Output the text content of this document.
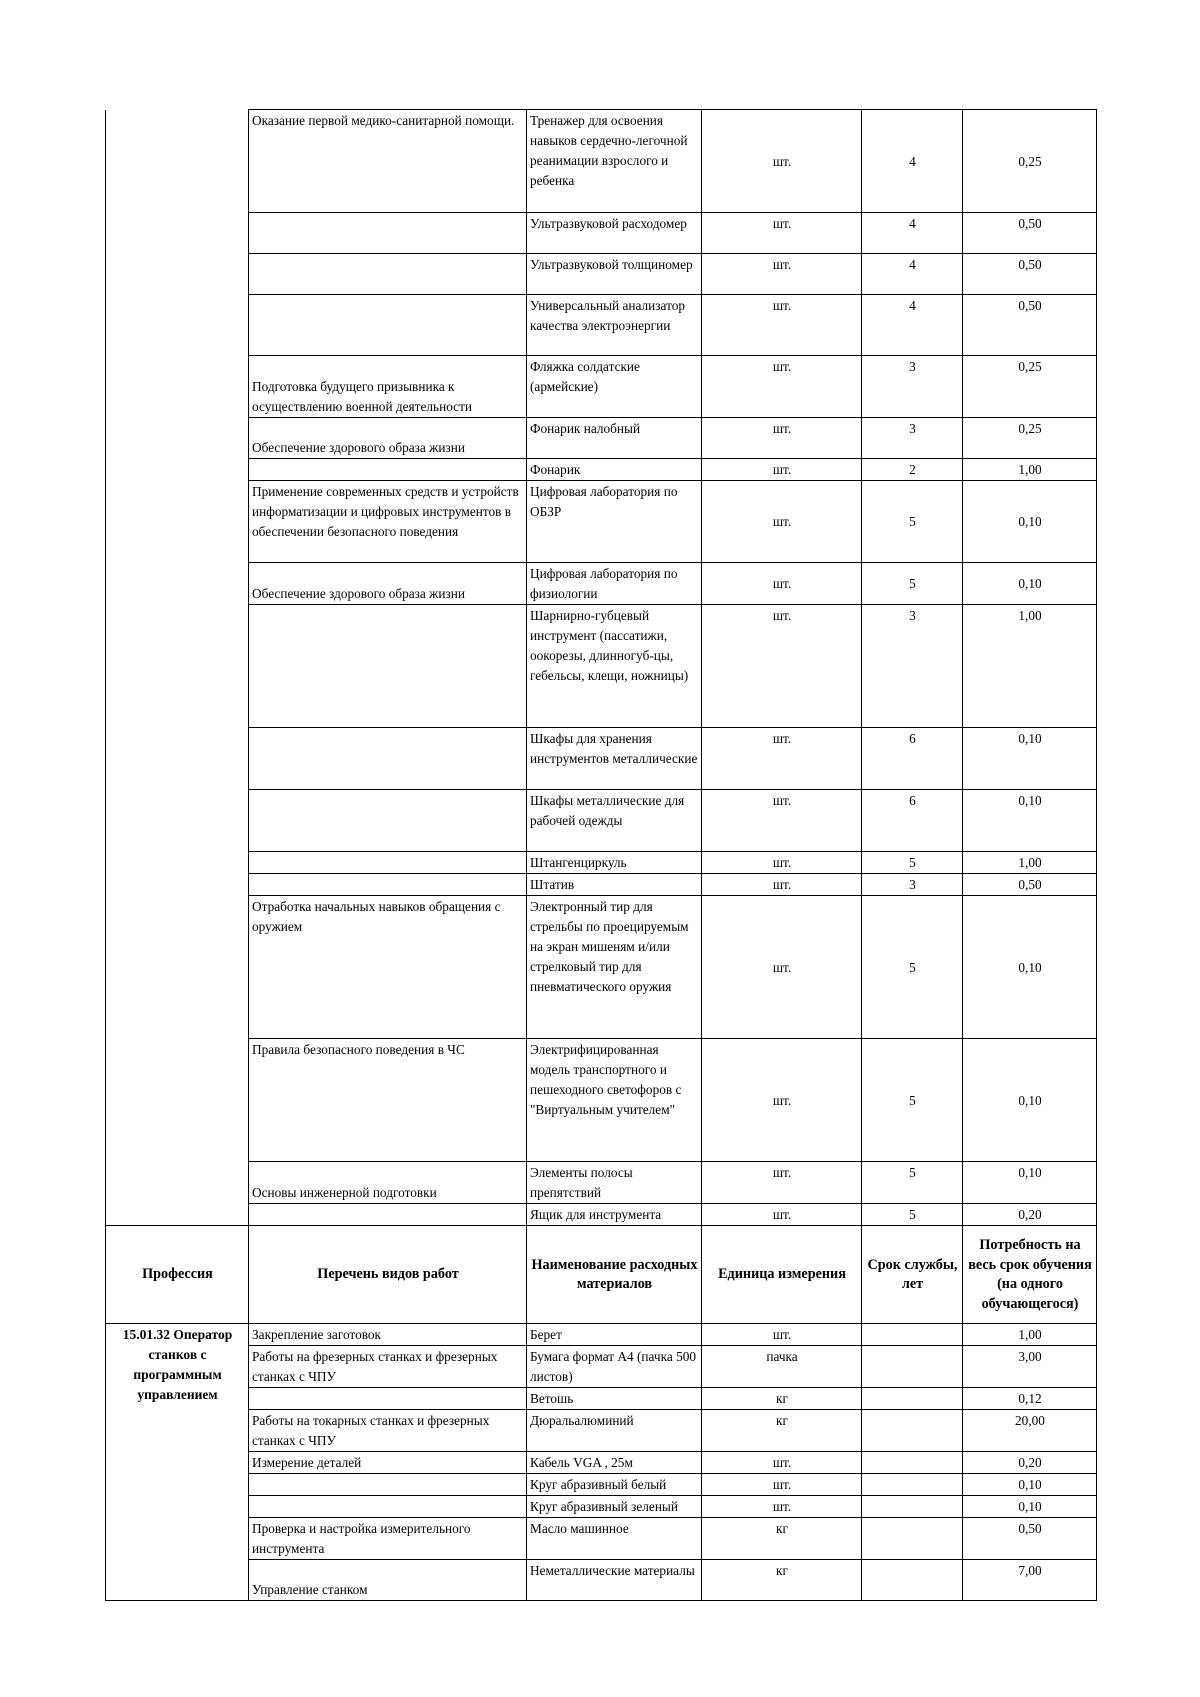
	Оказание первой медико-санитарной помощи.	Тренажер для освоения навыков сердечно-легочной реанимации взрослого и ребенка	шт.	4	0,25
		Ультразвуковой расходомер	шт.	4	0,50
		Ультразвуковой толщиномер	шт.	4	0,50
		Универсальный анализатор качества электроэнергии	шт.	4	0,50
	Подготовка будущего призывника к осуществлению военной деятельности	Фляжка солдатские (армейские)	шт.	3	0,25
	Обеспечение здорового образа жизни	Фонарик налобный	шт.	3	0,25
		Фонарик	шт.	2	1,00
	Применение современных средств и устройств информатизации и цифровых инструментов в обеспечении безопасного поведения	Цифровая лаборатория по ОБЗР	шт.	5	0,10
	Обеспечение здорового образа жизни	Цифровая лаборатория по физиологии	шт.	5	0,10
		Шарнирно-губцевый инструмент (пассатижи, оокорезы, длинногуб-цы, гебельсы, клещи, ножницы)	шт.	3	1,00
		Шкафы для хранения инструментов металлические	шт.	6	0,10
		Шкафы металлические для рабочей одежды	шт.	6	0,10
		Штангенциркуль	шт.	5	1,00
		Штатив	шт.	3	0,50
	Отработка начальных навыков обращения с оружием	Электронный тир для стрельбы по проецируемым на экран мишеням и/или стрелковый тир для пневматического оружия	шт.	5	0,10
	Правила безопасного поведения в ЧС	Электрифицированная модель транспортного и пешеходного светофоров с "Виртуальным учителем"	шт.	5	0,10
	Основы инженерной подготовки	Элементы полосы препятствий	шт.	5	0,10
		Ящик для инструмента	шт.	5	0,20
Профессия	Перечень видов работ	Наименование расходных материалов	Единица измерения	Срок службы, лет	Потребность на весь срок обучения (на одного обучающегося)
15.01.32 Оператор станков с программным управлением	Закрепление заготовок	Берет	шт.		1,00
	Работы на фрезерных станках и фрезерных станках с ЧПУ	Бумага формат А4 (пачка 500 листов)	пачка		3,00
		Ветошь	кг		0,12
	Работы на токарных станках и фрезерных станках с ЧПУ	Дюральалюминий	кг		20,00
	Измерение деталей	Кабель VGA , 25м	шт.		0,20
		Круг абразивный белый	шт.		0,10
		Круг абразивный зеленый	шт.		0,10
	Проверка и настройка измерительного инструмента	Масло машинное	кг		0,50
	Управление станком	Неметаллические материалы	кг		7,00
